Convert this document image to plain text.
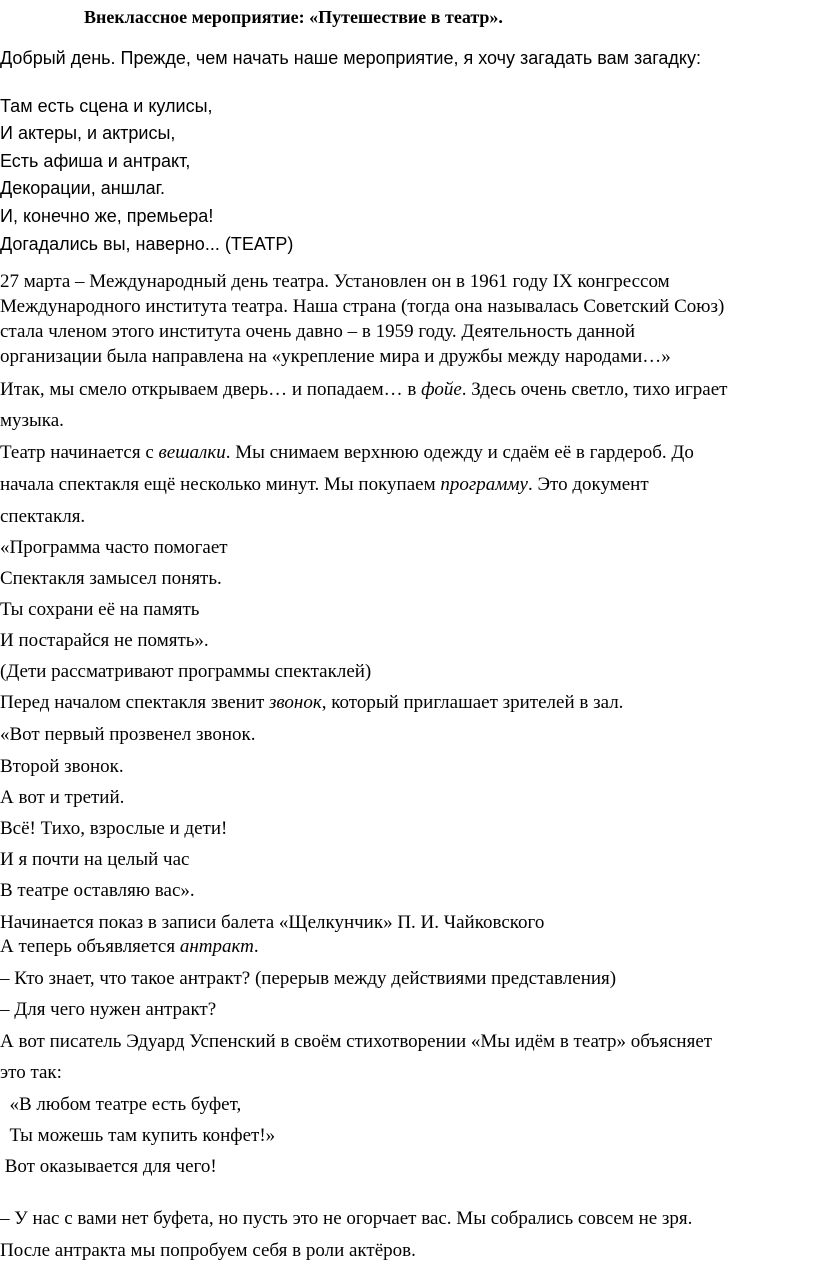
Внеклассное мероприятие: «Путешествие в театр».
Добрый день. Прежде, чем начать наше мероприятие, я хочу загадать вам загадку:
Там есть сцена и кулисы,
И актеры, и актрисы,
Есть афиша и антракт,
Декорации, аншлаг.
И, конечно же, премьера!
Догадались вы, наверно... (ТЕАТР)
27 марта – Международный день театра. Установлен он в 1961 году IX конгрессом
Международного института театра. Наша страна (тогда она называлась Советский Союз)
стала членом этого института очень давно – в 1959 году. Деятельность данной
организации была направлена на «укрепление мира и дружбы между народами…»
Итак, мы смело открываем дверь… и попадаем… в фойе. Здесь очень светло, тихо играет
музыка.
Театр начинается с вешалки. Мы снимаем верхнюю одежду и сдаём её в гардероб. До
начала спектакля ещё несколько минут. Мы покупаем программу. Это документ
спектакля.
«Программа часто помогает
Спектакля замысел понять.
Ты сохрани её на память
И постарайся не помять».
(Дети рассматривают программы спектаклей)
Перед началом спектакля звенит звонок, который приглашает зрителей в зал.
«Вот первый прозвенел звонок.
Второй звонок.
А вот и третий.
Всё! Тихо, взрослые и дети!
И я почти на целый час
В театре оставляю вас».
Начинается показ в записи балета «Щелкунчик» П. И. Чайковского
А теперь объявляется антракт.
– Кто знает, что такое антракт? (перерыв между действиями представления)
– Для чего нужен антракт?
А вот писатель Эдуард Успенский в своём стихотворении «Мы идём в театр» объясняет
это так:
«В любом театре есть буфет,
Ты можешь там купить конфет!»
Вот оказывается для чего!
– У нас с вами нет буфета, но пусть это не огорчает вас. Мы собрались совсем не зря.
После антракта мы попробуем себя в роли актёров.
